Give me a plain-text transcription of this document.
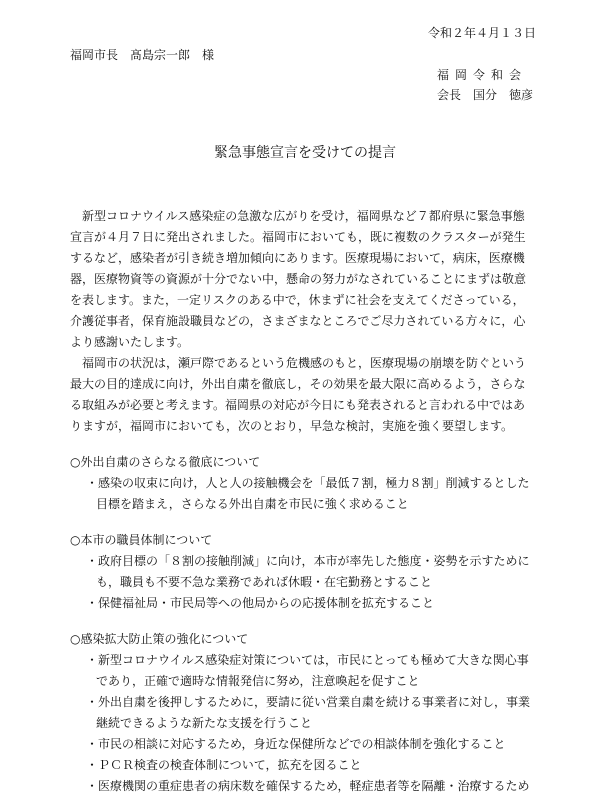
令和２年４月１３日
福岡市長　髙島宗一郎　様
福岡令和会
会長　国分　徳彦
緊急事態宣言を受けての提言
新型コロナウイルス感染症の急激な広がりを受け，福岡県など７都府県に緊急事態
宣言が４月７日に発出されました。福岡市においても，既に複数のクラスターが発生
するなど，感染者が引き続き増加傾向にあります。医療現場において，病床，医療機
器，医療物資等の資源が十分でない中，懸命の努力がなされていることにまずは敬意
を表します。また，一定リスクのある中で，休まずに社会を支えてくださっている，
介護従事者，保育施設職員などの，さまざまなところでご尽力されている方々に，心
より感謝いたします。
福岡市の状況は，瀬戸際であるという危機感のもと，医療現場の崩壊を防ぐという
最大の目的達成に向け，外出自粛を徹底し，その効果を最大限に高めるよう，さらな
る取組みが必要と考えます。福岡県の対応が今日にも発表されると言われる中ではあ
りますが，福岡市においても，次のとおり，早急な検討，実施を強く要望します。
○外出自粛のさらなる徹底について
・感染の収束に向け，人と人の接触機会を「最低７割，極力８割」削減するとした
目標を踏まえ，さらなる外出自粛を市民に強く求めること
○本市の職員体制について
・政府目標の「８割の接触削減」に向け，本市が率先した態度・姿勢を示すために
も，職員も不要不急な業務であれば休暇・在宅勤務とすること
・保健福祉局・市民局等への他局からの応援体制を拡充すること
○感染拡大防止策の強化について
・新型コロナウイルス感染症対策については，市民にとっても極めて大きな関心事
であり，正確で適時な情報発信に努め，注意喚起を促すこと
・外出自粛を後押しするために，要請に従い営業自粛を続ける事業者に対し，事業
継続できるような新たな支援を行うこと
・市民の相談に対応するため，身近な保健所などでの相談体制を強化すること
・ＰＣＲ検査の検査体制について，拡充を図ること
・医療機関の重症患者の病床数を確保するため，軽症患者等を隔離・治療するため
